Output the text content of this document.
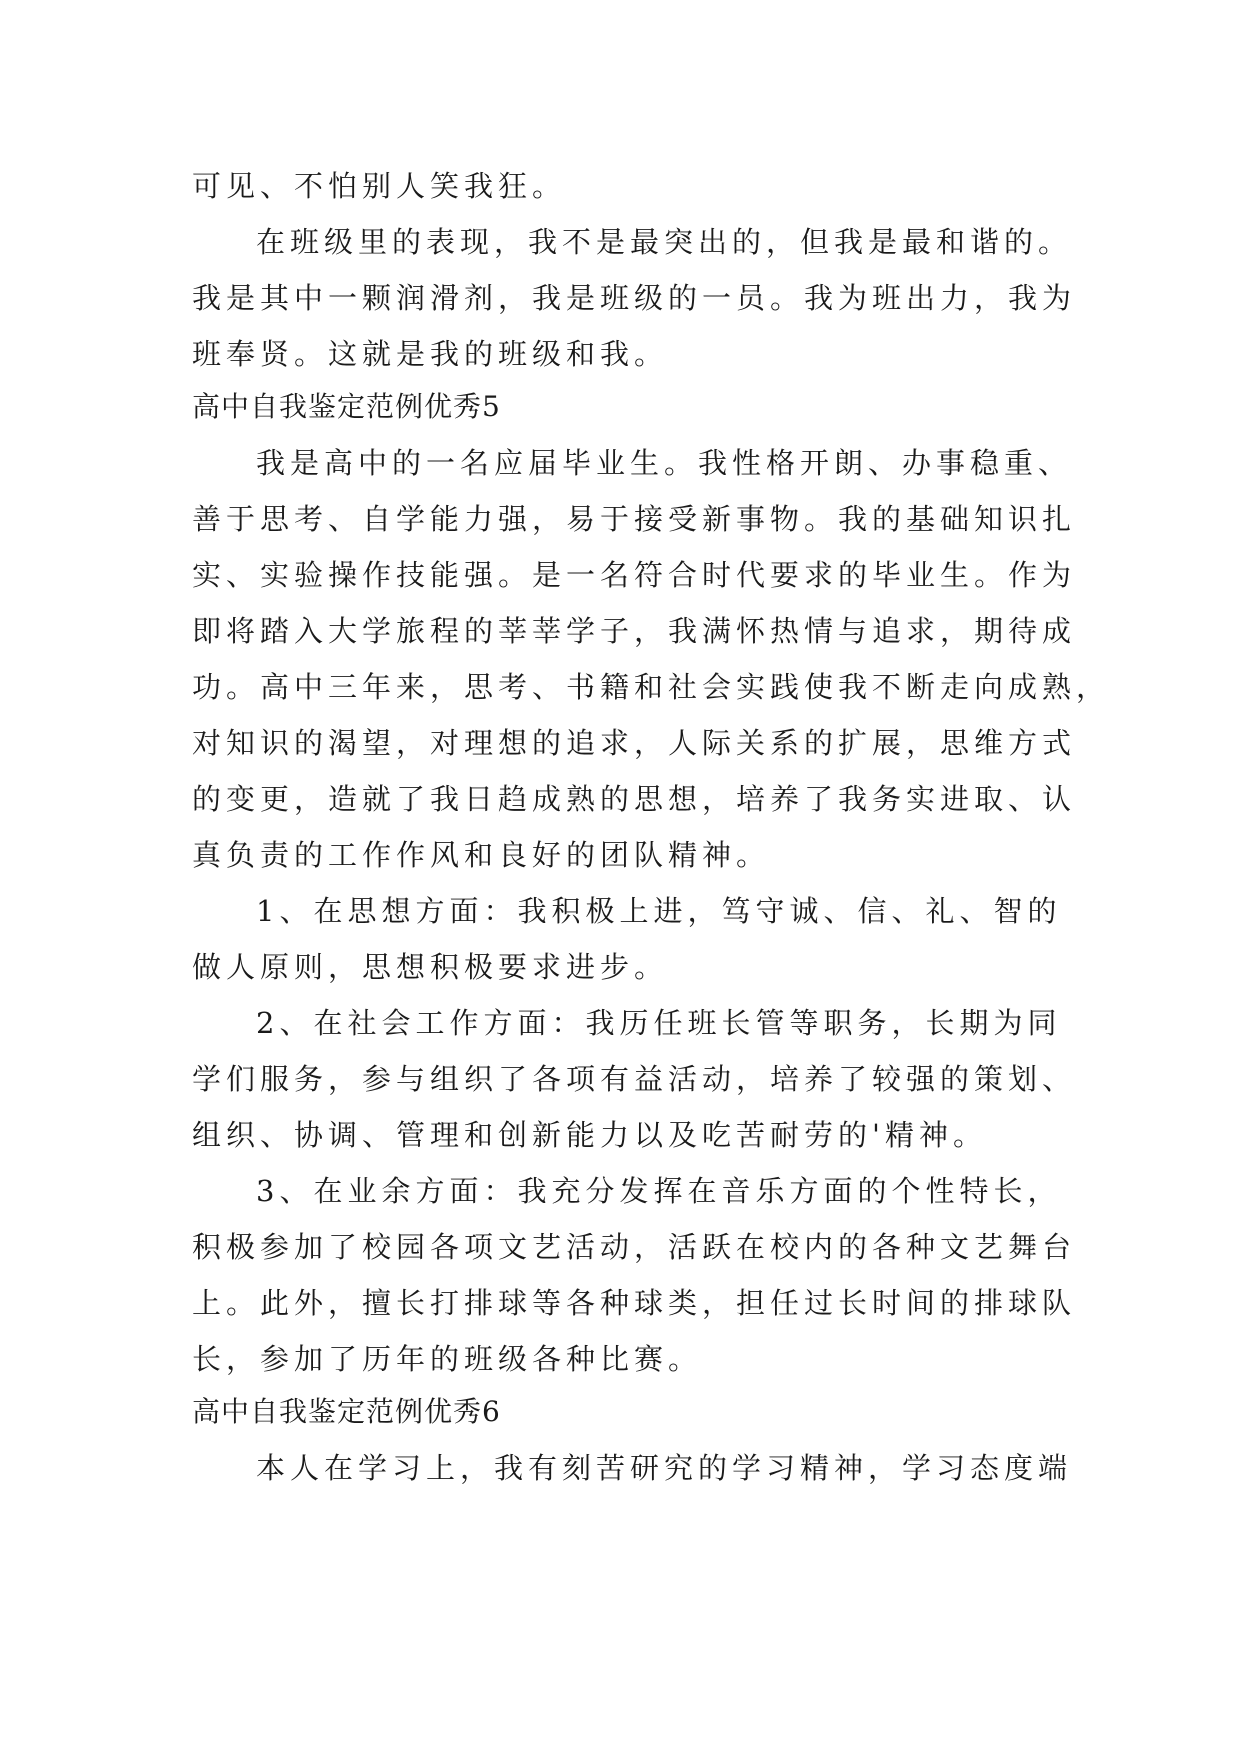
可见、不怕别人笑我狂。
在班级里的表现，我不是最突出的，但我是最和谐的。
我是其中一颗润滑剂，我是班级的一员。我为班出力，我为
班奉贤。这就是我的班级和我。
高中自我鉴定范例优秀5
我是高中的一名应届毕业生。我性格开朗、办事稳重、
善于思考、自学能力强，易于接受新事物。我的基础知识扎
实、实验操作技能强。是一名符合时代要求的毕业生。作为
即将踏入大学旅程的莘莘学子，我满怀热情与追求，期待成
功。高中三年来，思考、书籍和社会实践使我不断走向成熟，
对知识的渴望，对理想的追求，人际关系的扩展，思维方式
的变更，造就了我日趋成熟的思想，培养了我务实进取、认
真负责的工作作风和良好的团队精神。
1、在思想方面：我积极上进，笃守诚、信、礼、智的
做人原则，思想积极要求进步。
2、在社会工作方面：我历任班长管等职务，长期为同
学们服务，参与组织了各项有益活动，培养了较强的策划、
组织、协调、管理和创新能力以及吃苦耐劳的'精神。
3、在业余方面：我充分发挥在音乐方面的个性特长，
积极参加了校园各项文艺活动，活跃在校内的各种文艺舞台
上。此外，擅长打排球等各种球类，担任过长时间的排球队
长，参加了历年的班级各种比赛。
高中自我鉴定范例优秀6
本人在学习上，我有刻苦研究的学习精神，学习态度端
